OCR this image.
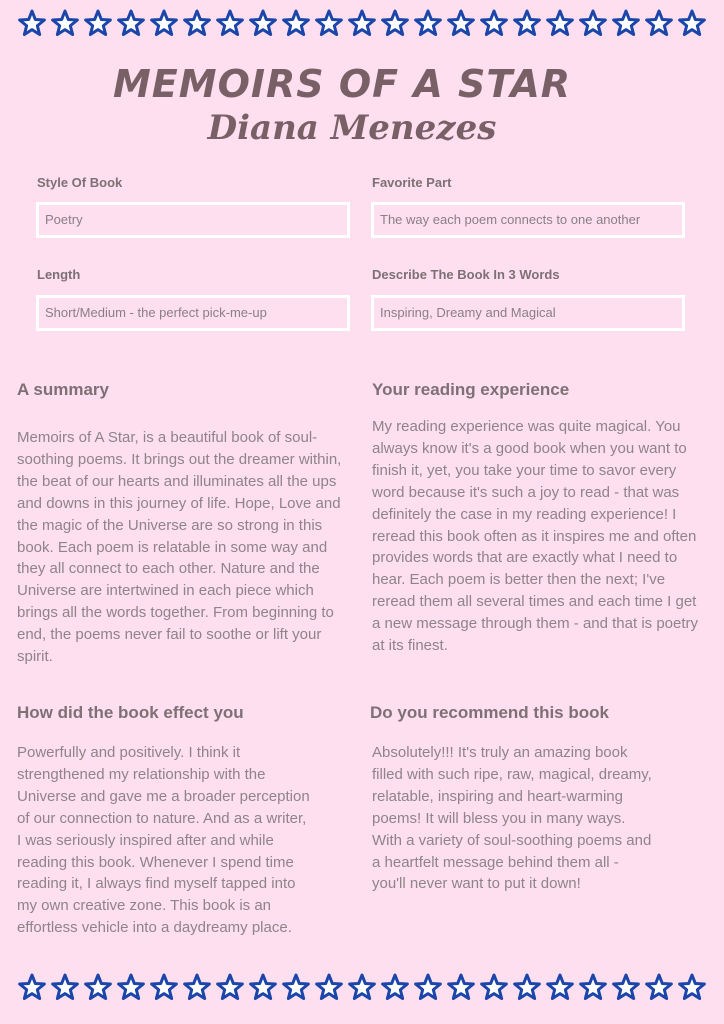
MEMOIRS OF A STAR
Diana Menezes
Style Of Book
Poetry
Favorite Part
The way each poem connects to one another
Length
Short/Medium - the perfect pick-me-up
Describe The Book In 3 Words
Inspiring, Dreamy and Magical
A summary
Memoirs of A Star, is a beautiful book of soul-soothing poems. It brings out the dreamer within, the beat of our hearts and illuminates all the ups and downs in this journey of life. Hope, Love and the magic of the Universe are so strong in this book. Each poem is relatable in some way and they all connect to each other. Nature and the Universe are intertwined in each piece which brings all the words together. From beginning to end, the poems never fail to soothe or lift your spirit.
Your reading experience
My reading experience was quite magical. You always know it's a good book when you want to finish it, yet, you take your time to savor every word because it's such a joy to read - that was definitely the case in my reading experience! I reread this book often as it inspires me and often provides words that are exactly what I need to hear. Each poem is better then the next; I've reread them all several times and each time I get a new message through them - and that is poetry at its finest.
How did the book effect you
Powerfully and positively. I think it strengthened my relationship with the Universe and gave me a broader perception of our connection to nature. And as a writer, I was seriously inspired after and while reading this book. Whenever I spend time reading it, I always find myself tapped into my own creative zone. This book is an effortless vehicle into a daydreamy place.
Do you recommend this book
Absolutely!!! It's truly an amazing book filled with such ripe, raw, magical, dreamy, relatable, inspiring and heart-warming poems! It will bless you in many ways. With a variety of soul-soothing poems and a heartfelt message behind them all - you'll never want to put it down!
